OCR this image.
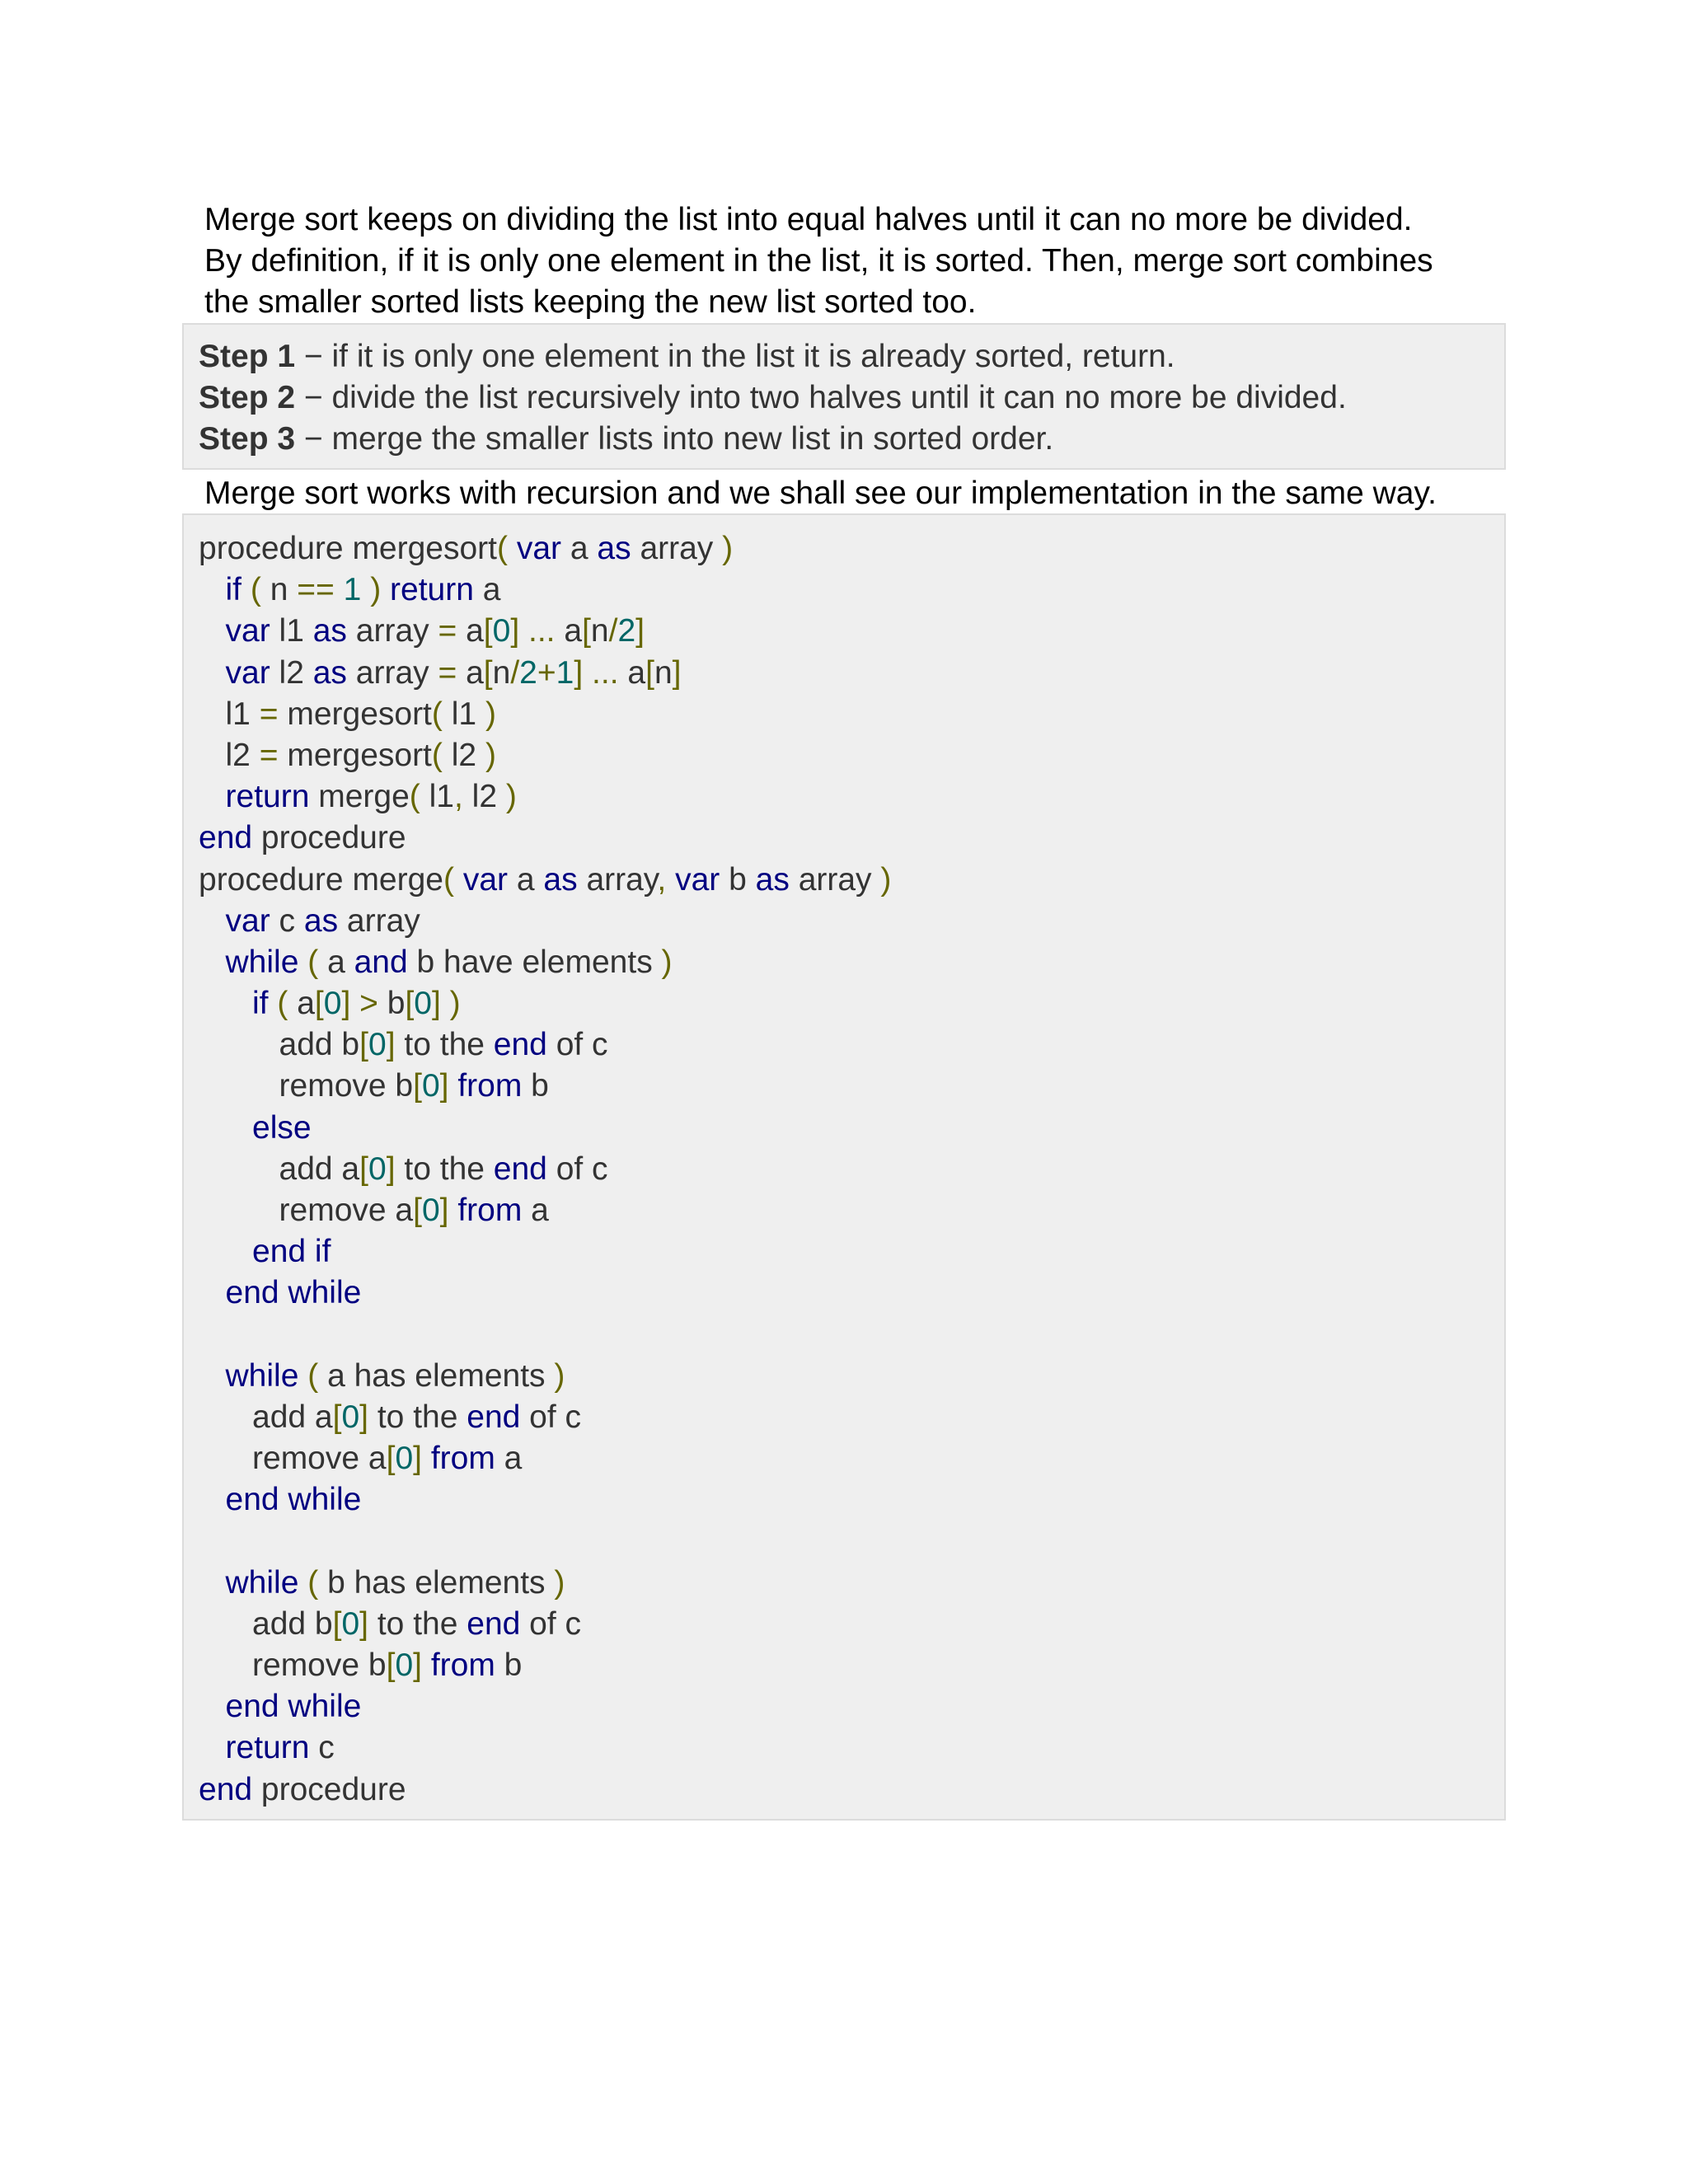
Merge sort keeps on dividing the list into equal halves until it can no more be divided.
By definition, if it is only one element in the list, it is sorted. Then, merge sort combines
the smaller sorted lists keeping the new list sorted too.
Step 1 − if it is only one element in the list it is already sorted, return.
Step 2 − divide the list recursively into two halves until it can no more be divided.
Step 3 − merge the smaller lists into new list in sorted order.
Merge sort works with recursion and we shall see our implementation in the same way.
procedure mergesort( var a as array )
if ( n == 1 ) return a
var l1 as array = a[0] ... a[n/2]
var l2 as array = a[n/2+1] ... a[n]
l1 = mergesort( l1 )
l2 = mergesort( l2 )
return merge( l1, l2 )
end procedure
procedure merge( var a as array, var b as array )
var c as array
while ( a and b have elements )
if ( a[0] > b[0] )
add b[0] to the end of c
remove b[0] from b
else
add a[0] to the end of c
remove a[0] from a
end if
end while

while ( a has elements )
add a[0] to the end of c
remove a[0] from a
end while

while ( b has elements )
add b[0] to the end of c
remove b[0] from b
end while
return c
end procedure
